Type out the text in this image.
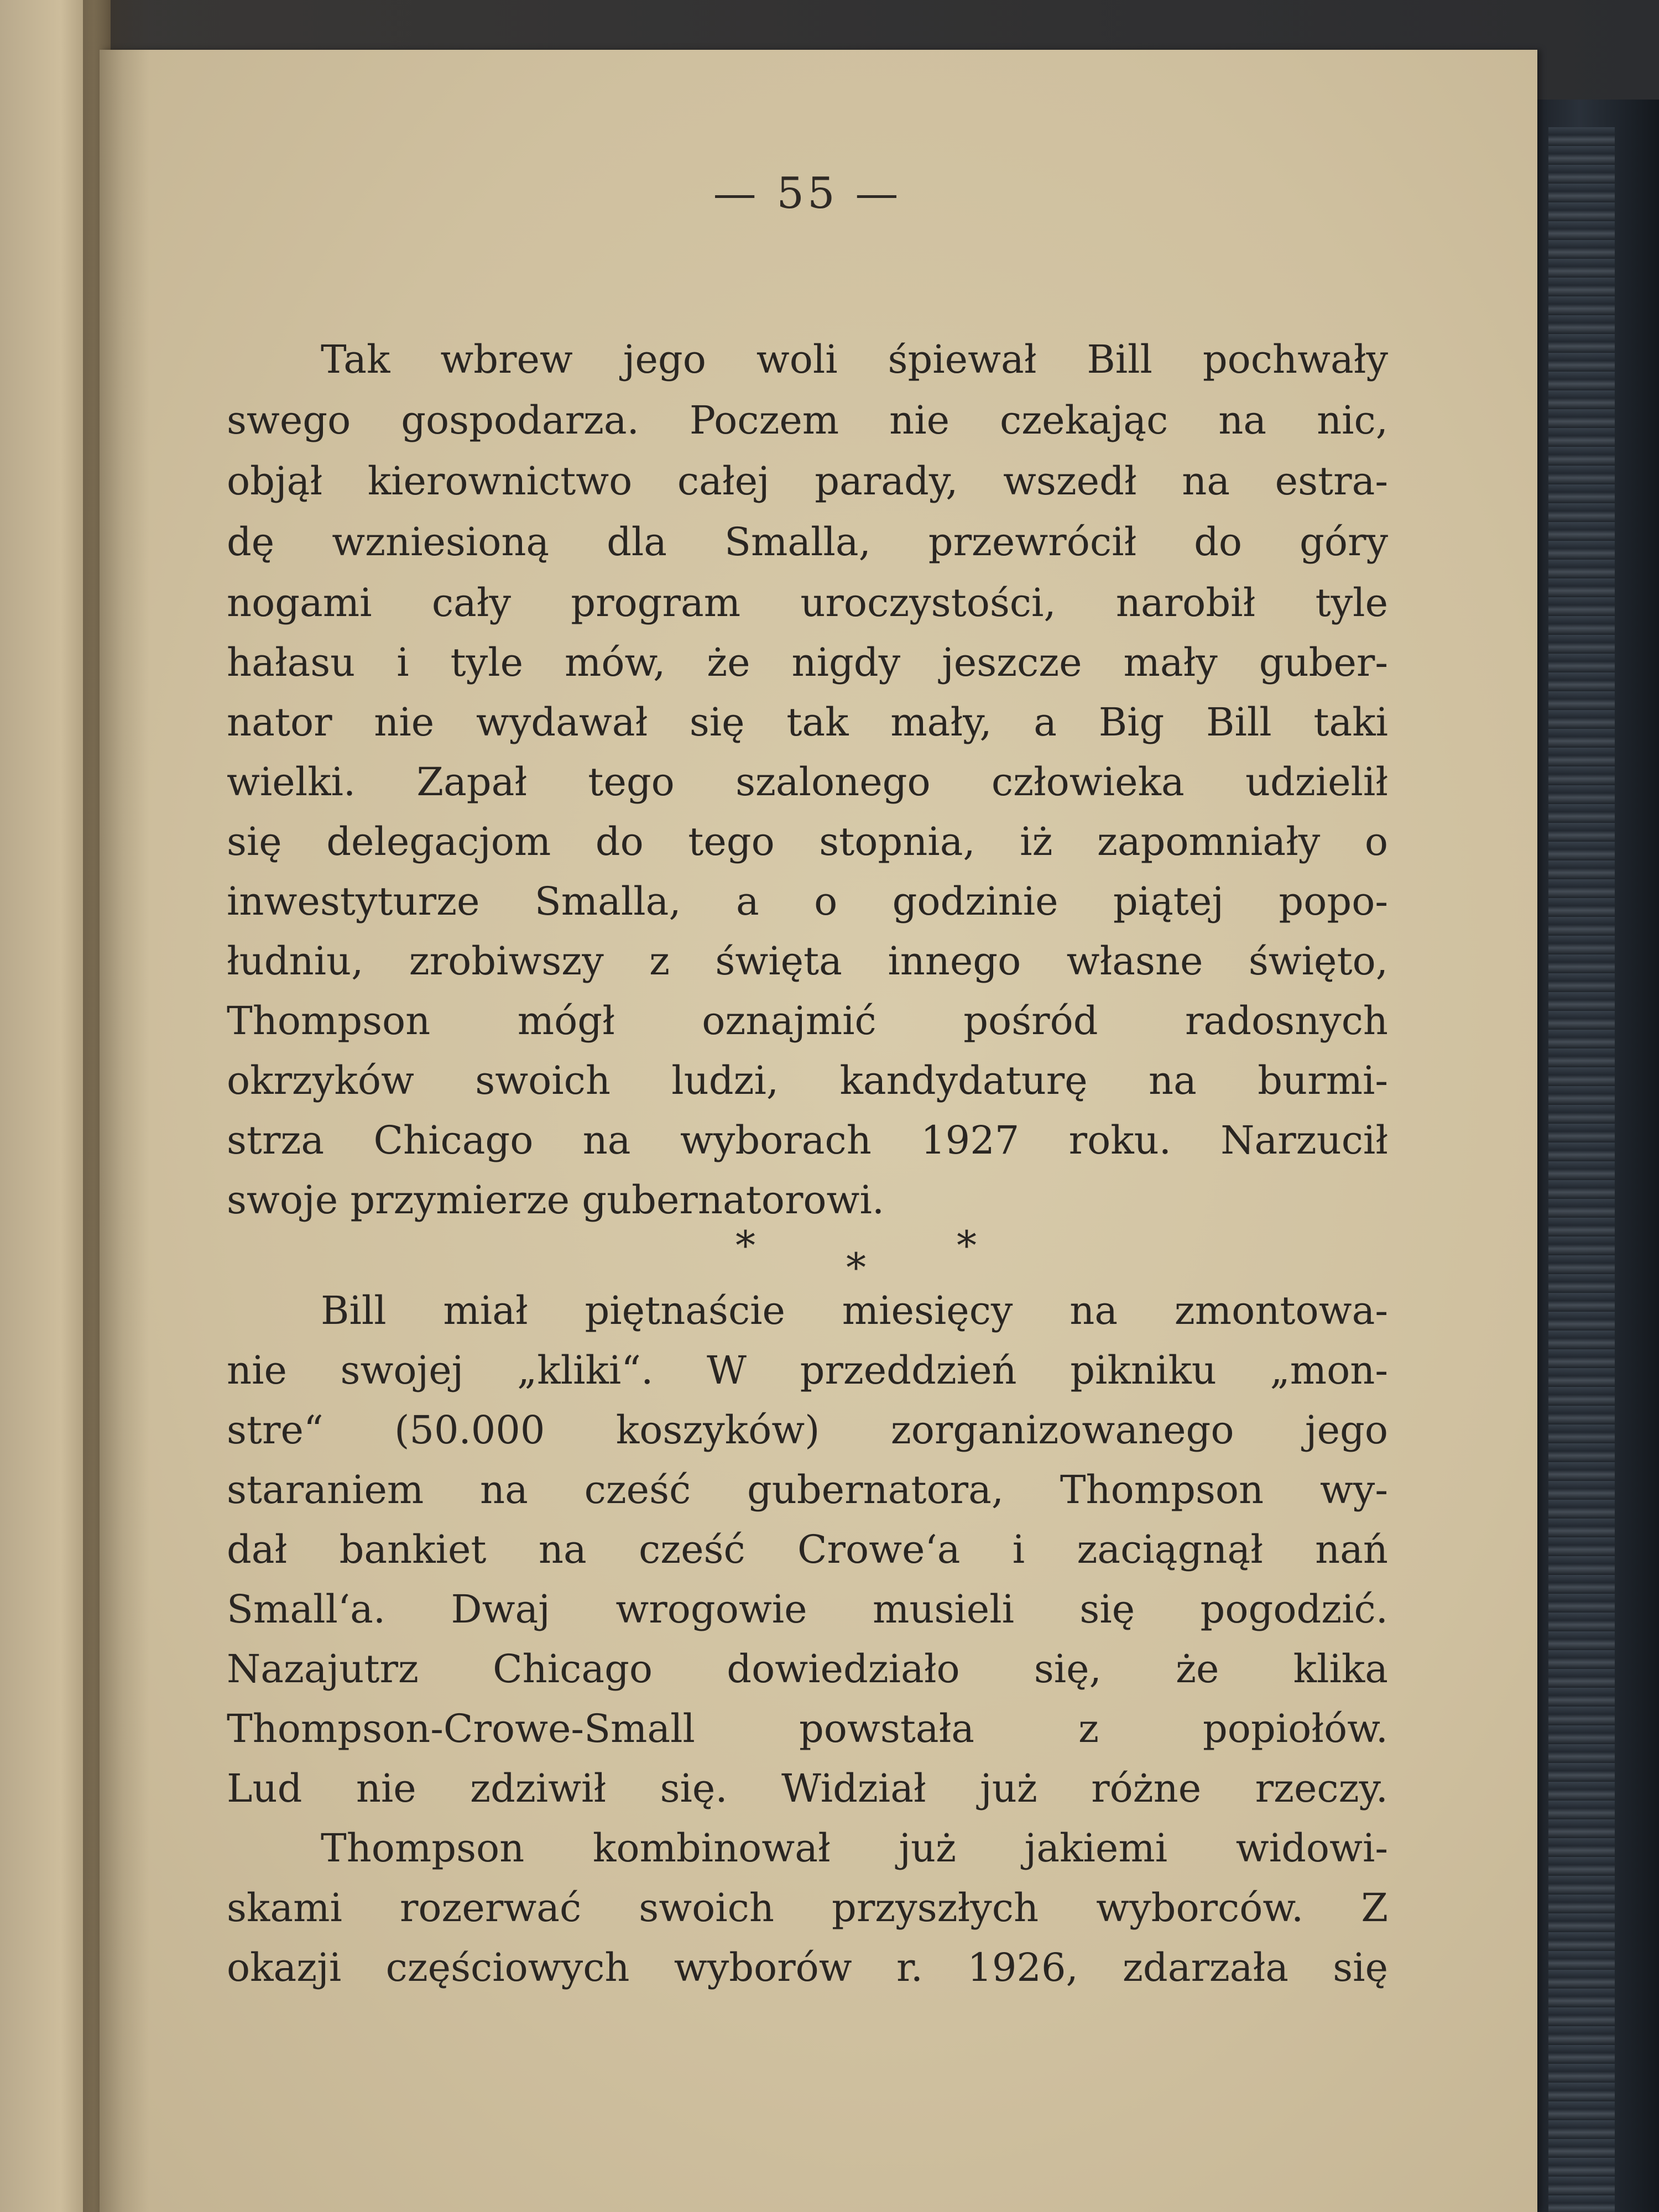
— 55 —
Tak wbrew jego woli śpiewał Bill pochwały
swego gospodarza. Poczem nie czekając na nic,
objął kierownictwo całej parady, wszedł na estra-
dę wzniesioną dla Smalla, przewrócił do góry
nogami cały program uroczystości, narobił tyle
hałasu i tyle mów, że nigdy jeszcze mały guber-
nator nie wydawał się tak mały, a Big Bill taki
wielki. Zapał tego szalonego człowieka udzielił
się delegacjom do tego stopnia, iż zapomniały o
inwestyturze Smalla, a o godzinie piątej popo-
łudniu, zrobiwszy z święta innego własne święto,
Thompson mógł oznajmić pośród radosnych
okrzyków swoich ludzi, kandydaturę na burmi-
strza Chicago na wyborach 1927 roku. Narzucił
swoje przymierze gubernatorowi.
* * *
Bill miał piętnaście miesięcy na zmontowa-
nie swojej „kliki“. W przeddzień pikniku „mon-
stre“ (50.000 koszyków) zorganizowanego jego
staraniem na cześć gubernatora, Thompson wy-
dał bankiet na cześć Crowe‘a i zaciągnął nań
Small‘a. Dwaj wrogowie musieli się pogodzić.
Nazajutrz Chicago dowiedziało się, że klika
Thompson-Crowe-Small powstała z popiołów.
Lud nie zdziwił się. Widział już różne rzeczy.
Thompson kombinował już jakiemi widowi-
skami rozerwać swoich przyszłych wyborców. Z
okazji częściowych wyborów r. 1926, zdarzała się
